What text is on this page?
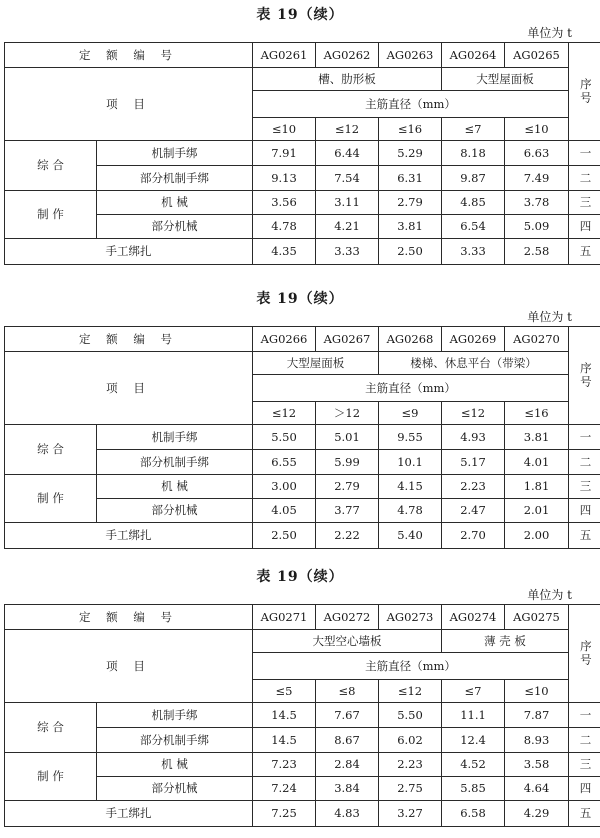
表 19（续）
单位为 t
定 额 编 号		AG0261	AG0262	AG0263	AG0264	AG0265	序号
项 目		槽、肋形板			大型屋面板		
		主筋直径（mm）					
		≤10	≤12	≤16	≤7	≤10	
综 合	机制手绑	7.91	6.44	5.29	8.18	6.63	一
	部分机制手绑	9.13	7.54	6.31	9.87	7.49	二
制 作	机 械	3.56	3.11	2.79	4.85	3.78	三
	部分机械	4.78	4.21	3.81	6.54	5.09	四
手工绑扎		4.35	3.33	2.50	3.33	2.58	五
表 19（续）
单位为 t
定 额 编 号		AG0266	AG0267	AG0268	AG0269	AG0270	序号
项 目		大型屋面板		楼梯、休息平台（带梁）			
		主筋直径（mm）					
		≤12	＞12	≤9	≤12	≤16	
综 合	机制手绑	5.50	5.01	9.55	4.93	3.81	一
	部分机制手绑	6.55	5.99	10.1	5.17	4.01	二
制 作	机 械	3.00	2.79	4.15	2.23	1.81	三
	部分机械	4.05	3.77	4.78	2.47	2.01	四
手工绑扎		2.50	2.22	5.40	2.70	2.00	五
表 19（续）
单位为 t
定 额 编 号		AG0271	AG0272	AG0273	AG0274	AG0275	序号
项 目		大型空心墙板			薄 壳 板		
		主筋直径（mm）					
		≤5	≤8	≤12	≤7	≤10	
综 合	机制手绑	14.5	7.67	5.50	11.1	7.87	一
	部分机制手绑	14.5	8.67	6.02	12.4	8.93	二
制 作	机 械	7.23	2.84	2.23	4.52	3.58	三
	部分机械	7.24	3.84	2.75	5.85	4.64	四
手工绑扎		7.25	4.83	3.27	6.58	4.29	五
